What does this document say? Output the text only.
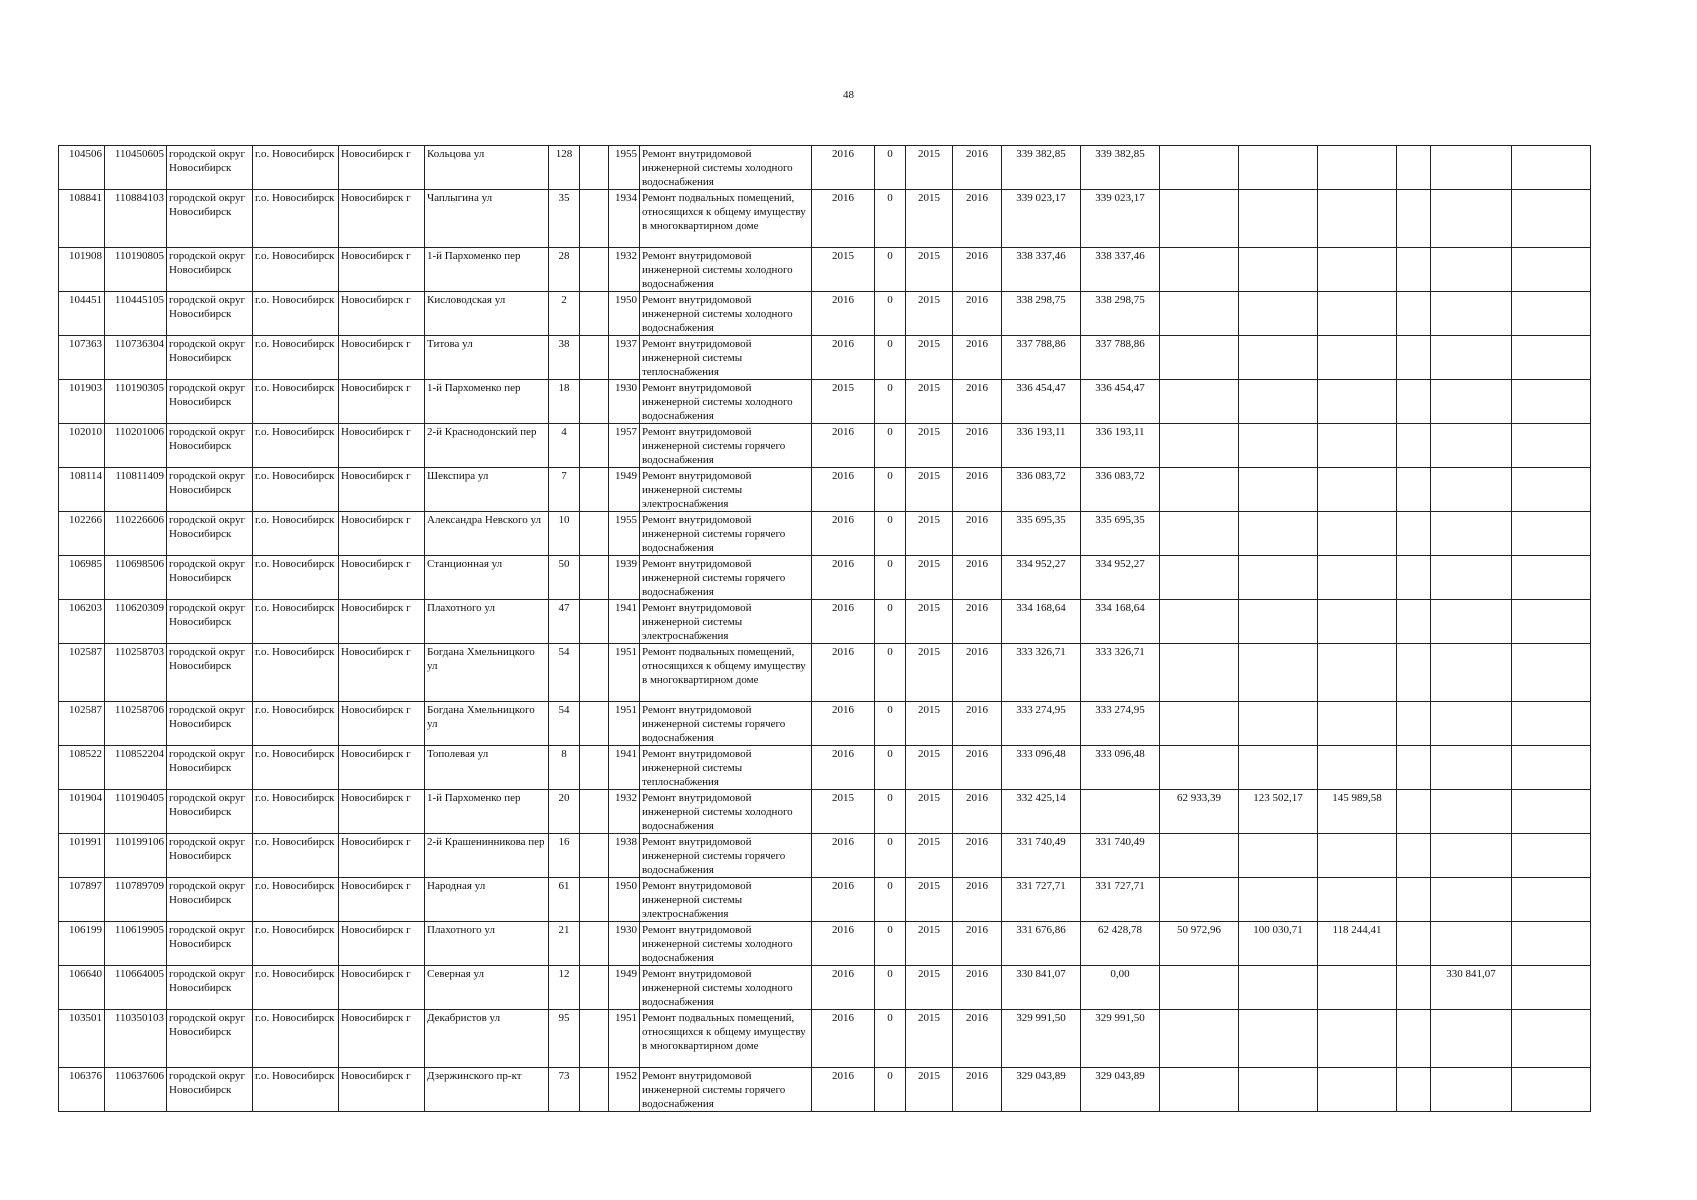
48
104506	110450605	городской округ Новосибирск	г.о. Новосибирск	Новосибирск г	Кольцова ул	128		1955	Ремонт внутридомовой инженерной системы холодного водоснабжения	2016	0	2015	2016	339 382,85	339 382,85						
108841	110884103	городской округ Новосибирск	г.о. Новосибирск	Новосибирск г	Чаплыгина ул	35		1934	Ремонт подвальных помещений, относящихся к общему имуществу в многоквартирном доме	2016	0	2015	2016	339 023,17	339 023,17						
101908	110190805	городской округ Новосибирск	г.о. Новосибирск	Новосибирск г	1-й Пархоменко пер	28		1932	Ремонт внутридомовой инженерной системы холодного водоснабжения	2015	0	2015	2016	338 337,46	338 337,46						
104451	110445105	городской округ Новосибирск	г.о. Новосибирск	Новосибирск г	Кисловодская ул	2		1950	Ремонт внутридомовой инженерной системы холодного водоснабжения	2016	0	2015	2016	338 298,75	338 298,75						
107363	110736304	городской округ Новосибирск	г.о. Новосибирск	Новосибирск г	Титова ул	38		1937	Ремонт внутридомовой инженерной системы теплоснабжения	2016	0	2015	2016	337 788,86	337 788,86						
101903	110190305	городской округ Новосибирск	г.о. Новосибирск	Новосибирск г	1-й Пархоменко пер	18		1930	Ремонт внутридомовой инженерной системы холодного водоснабжения	2015	0	2015	2016	336 454,47	336 454,47						
102010	110201006	городской округ Новосибирск	г.о. Новосибирск	Новосибирск г	2-й Краснодонский пер	4		1957	Ремонт внутридомовой инженерной системы горячего водоснабжения	2016	0	2015	2016	336 193,11	336 193,11						
108114	110811409	городской округ Новосибирск	г.о. Новосибирск	Новосибирск г	Шекспира ул	7		1949	Ремонт внутридомовой инженерной системы электроснабжения	2016	0	2015	2016	336 083,72	336 083,72						
102266	110226606	городской округ Новосибирск	г.о. Новосибирск	Новосибирск г	Александра Невского ул	10		1955	Ремонт внутридомовой инженерной системы горячего водоснабжения	2016	0	2015	2016	335 695,35	335 695,35						
106985	110698506	городской округ Новосибирск	г.о. Новосибирск	Новосибирск г	Станционная ул	50		1939	Ремонт внутридомовой инженерной системы горячего водоснабжения	2016	0	2015	2016	334 952,27	334 952,27						
106203	110620309	городской округ Новосибирск	г.о. Новосибирск	Новосибирск г	Плахотного ул	47		1941	Ремонт внутридомовой инженерной системы электроснабжения	2016	0	2015	2016	334 168,64	334 168,64						
102587	110258703	городской округ Новосибирск	г.о. Новосибирск	Новосибирск г	Богдана Хмельницкого ул	54		1951	Ремонт подвальных помещений, относящихся к общему имуществу в многоквартирном доме	2016	0	2015	2016	333 326,71	333 326,71						
102587	110258706	городской округ Новосибирск	г.о. Новосибирск	Новосибирск г	Богдана Хмельницкого ул	54		1951	Ремонт внутридомовой инженерной системы горячего водоснабжения	2016	0	2015	2016	333 274,95	333 274,95						
108522	110852204	городской округ Новосибирск	г.о. Новосибирск	Новосибирск г	Тополевая ул	8		1941	Ремонт внутридомовой инженерной системы теплоснабжения	2016	0	2015	2016	333 096,48	333 096,48						
101904	110190405	городской округ Новосибирск	г.о. Новосибирск	Новосибирск г	1-й Пархоменко пер	20		1932	Ремонт внутридомовой инженерной системы холодного водоснабжения	2015	0	2015	2016	332 425,14		62 933,39	123 502,17	145 989,58			
101991	110199106	городской округ Новосибирск	г.о. Новосибирск	Новосибирск г	2-й Крашенинникова пер	16		1938	Ремонт внутридомовой инженерной системы горячего водоснабжения	2016	0	2015	2016	331 740,49	331 740,49						
107897	110789709	городской округ Новосибирск	г.о. Новосибирск	Новосибирск г	Народная ул	61		1950	Ремонт внутридомовой инженерной системы электроснабжения	2016	0	2015	2016	331 727,71	331 727,71						
106199	110619905	городской округ Новосибирск	г.о. Новосибирск	Новосибирск г	Плахотного ул	21		1930	Ремонт внутридомовой инженерной системы холодного водоснабжения	2016	0	2015	2016	331 676,86	62 428,78	50 972,96	100 030,71	118 244,41			
106640	110664005	городской округ Новосибирск	г.о. Новосибирск	Новосибирск г	Северная ул	12		1949	Ремонт внутридомовой инженерной системы холодного водоснабжения	2016	0	2015	2016	330 841,07	0,00					330 841,07	
103501	110350103	городской округ Новосибирск	г.о. Новосибирск	Новосибирск г	Декабристов ул	95		1951	Ремонт подвальных помещений, относящихся к общему имуществу в многоквартирном доме	2016	0	2015	2016	329 991,50	329 991,50						
106376	110637606	городской округ Новосибирск	г.о. Новосибирск	Новосибирск г	Дзержинского пр-кт	73		1952	Ремонт внутридомовой инженерной системы горячего водоснабжения	2016	0	2015	2016	329 043,89	329 043,89						
